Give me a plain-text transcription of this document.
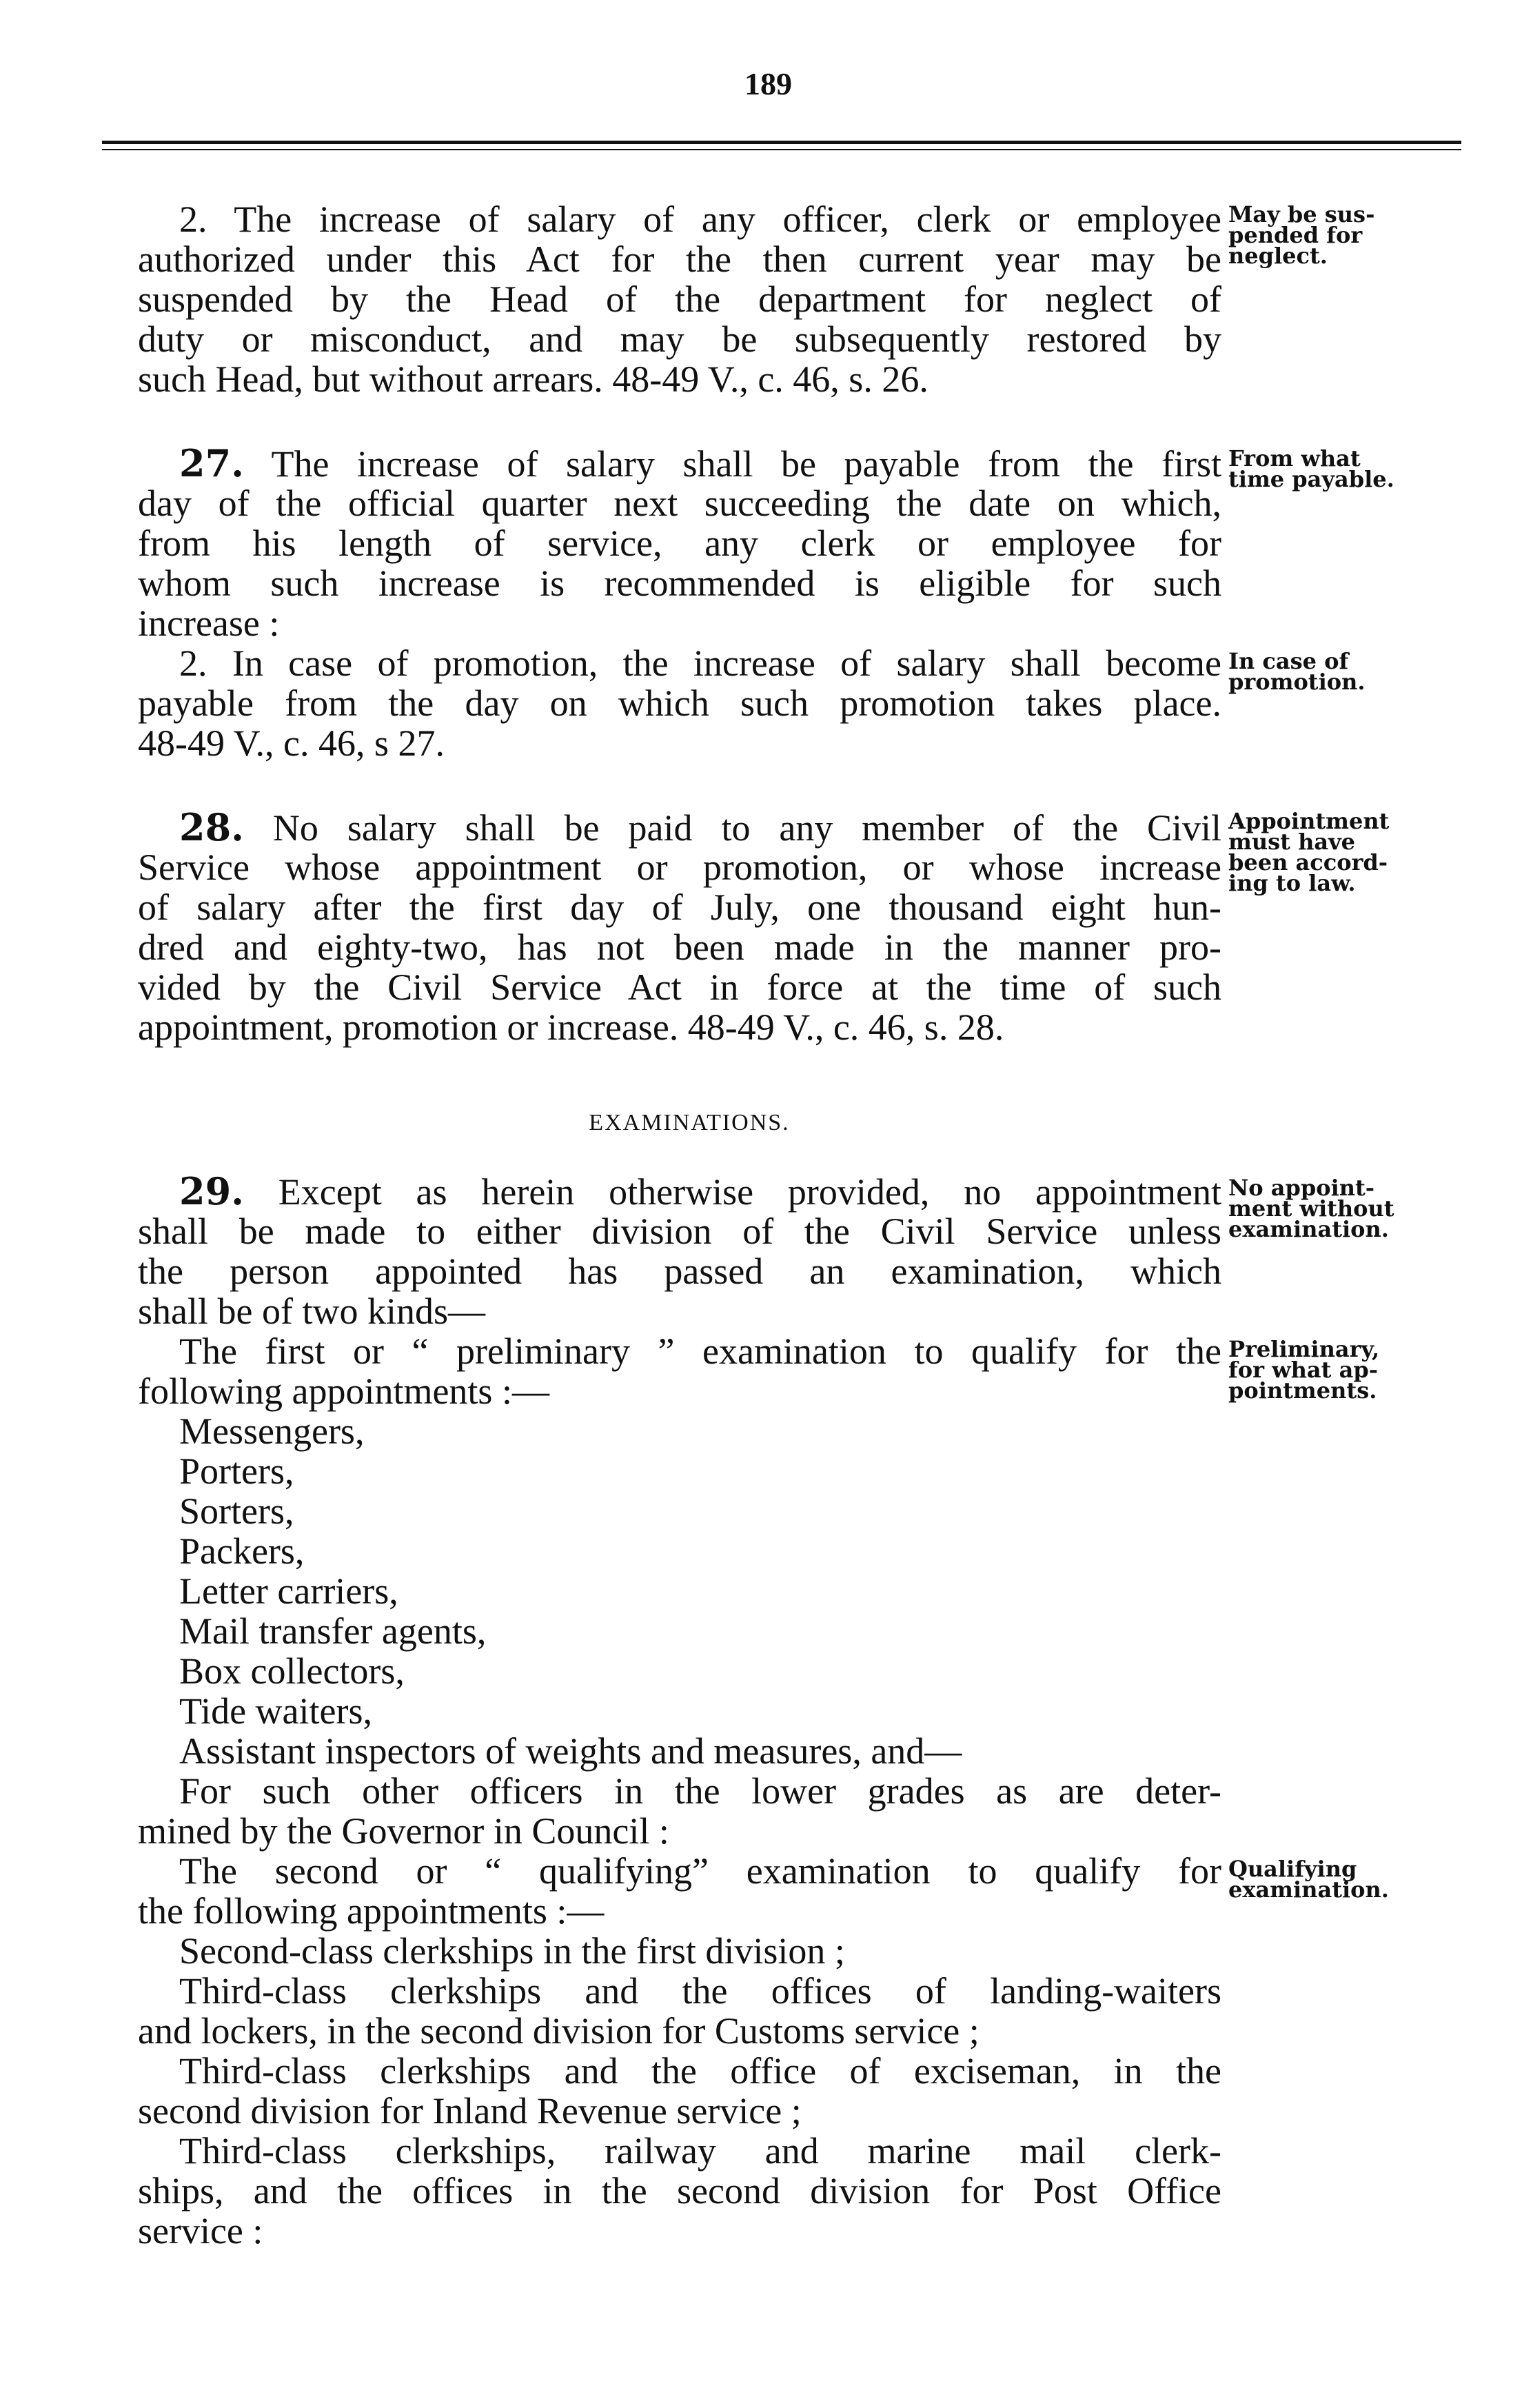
189
2. The increase of salary of any officer, clerk or employee
authorized under this Act for the then current year may be
suspended by the Head of the department for neglect of
duty or misconduct, and may be subsequently restored by
such Head, but without arrears. 48-49 V., c. 46, s. 26.
May be sus-
pended for
neglect.
27. The increase of salary shall be payable from the first
day of the official quarter next succeeding the date on which,
from his length of service, any clerk or employee for
whom such increase is recommended is eligible for such
increase :
From what
time payable.
2. In case of promotion, the increase of salary shall become
payable from the day on which such promotion takes place.
48-49 V., c. 46, s 27.
In case of
promotion.
28. No salary shall be paid to any member of the Civil
Service whose appointment or promotion, or whose increase
of salary after the first day of July, one thousand eight hun-
dred and eighty-two, has not been made in the manner pro-
vided by the Civil Service Act in force at the time of such
appointment, promotion or increase. 48-49 V., c. 46, s. 28.
Appointment
must have
been accord-
ing to law.
EXAMINATIONS.
29. Except as herein otherwise provided, no appointment
shall be made to either division of the Civil Service unless
the person appointed has passed an examination, which
shall be of two kinds—
No appoint-
ment without
examination.
The first or “ preliminary ” examination to qualify for the
following appointments :—
Messengers,
Porters,
Sorters,
Packers,
Letter carriers,
Mail transfer agents,
Box collectors,
Tide waiters,
Assistant inspectors of weights and measures, and—
For such other officers in the lower grades as are deter-
mined by the Governor in Council :
Preliminary,
for what ap-
pointments.
The second or “ qualifying” examination to qualify for
the following appointments :—
Second-class clerkships in the first division ;
Third-class clerkships and the offices of landing-waiters
and lockers, in the second division for Customs service ;
Third-class clerkships and the office of exciseman, in the
second division for Inland Revenue service ;
Third-class clerkships, railway and marine mail clerk-
ships, and the offices in the second division for Post Office
service :
Qualifying
examination.
